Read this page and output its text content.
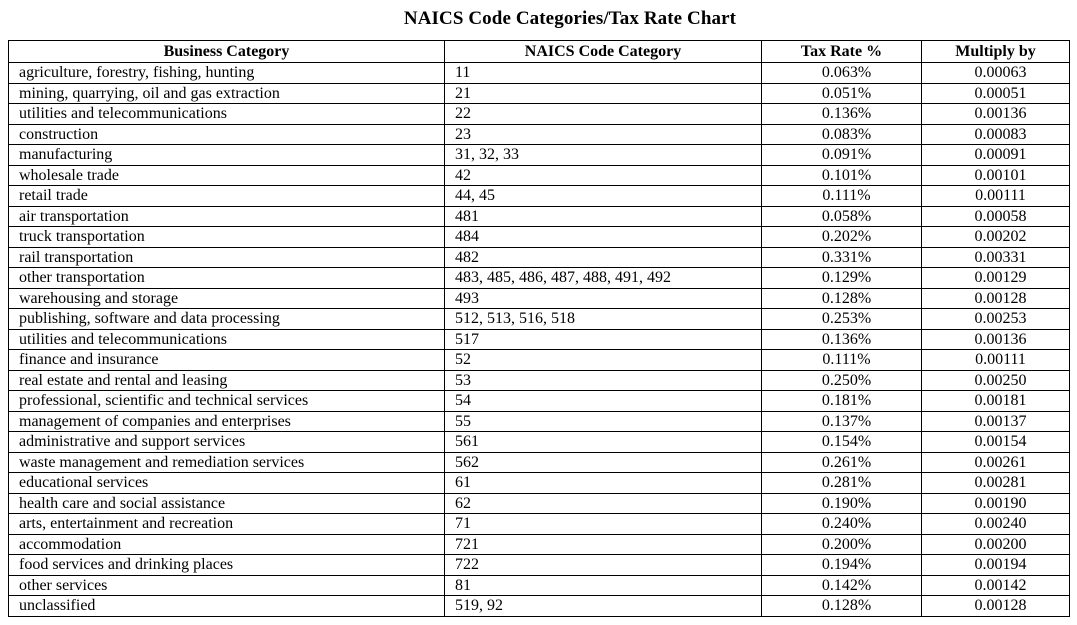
NAICS Code Categories/Tax Rate Chart
Business Category	NAICS Code Category	Tax Rate %	Multiply by
agriculture, forestry, fishing, hunting	11	0.063%	0.00063
mining, quarrying, oil and gas extraction	21	0.051%	0.00051
utilities and telecommunications	22	0.136%	0.00136
construction	23	0.083%	0.00083
manufacturing	31, 32, 33	0.091%	0.00091
wholesale trade	42	0.101%	0.00101
retail trade	44, 45	0.111%	0.00111
air transportation	481	0.058%	0.00058
truck transportation	484	0.202%	0.00202
rail transportation	482	0.331%	0.00331
other transportation	483, 485, 486, 487, 488, 491, 492	0.129%	0.00129
warehousing and storage	493	0.128%	0.00128
publishing, software and data processing	512, 513, 516, 518	0.253%	0.00253
utilities and telecommunications	517	0.136%	0.00136
finance and insurance	52	0.111%	0.00111
real estate and rental and leasing	53	0.250%	0.00250
professional, scientific and technical services	54	0.181%	0.00181
management of companies and enterprises	55	0.137%	0.00137
administrative and support services	561	0.154%	0.00154
waste management and remediation services	562	0.261%	0.00261
educational services	61	0.281%	0.00281
health care and social assistance	62	0.190%	0.00190
arts, entertainment and recreation	71	0.240%	0.00240
accommodation	721	0.200%	0.00200
food services and drinking places	722	0.194%	0.00194
other services	81	0.142%	0.00142
unclassified	519, 92	0.128%	0.00128
